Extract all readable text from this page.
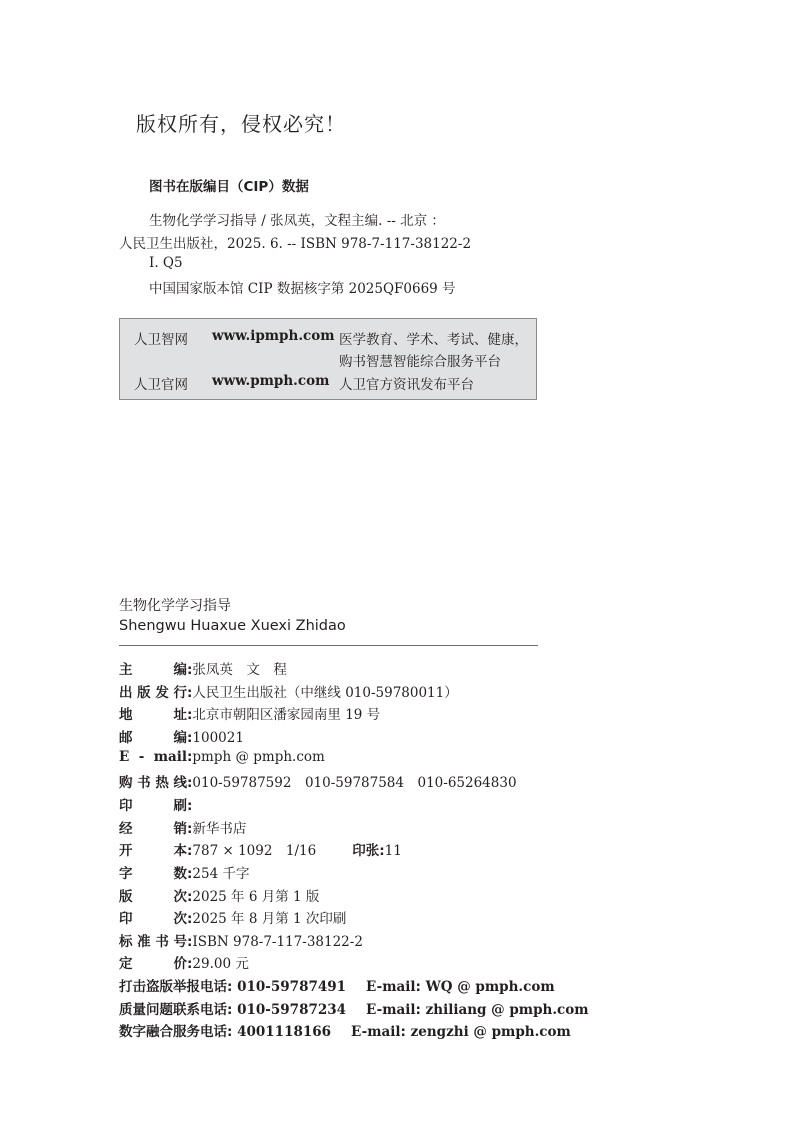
版权所有，侵权必究！
图书在版编目（CIP）数据
生物化学学习指导 / 张凤英，文程主编. -- 北京 ：
人民卫生出版社，2025. 6. -- ISBN 978-7-117-38122-2
Ⅰ. Q5
中国国家版本馆 CIP 数据核字第 2025QF0669 号
人卫智网 www.ipmph.com 医学教育、学术、考试、健康，
购书智慧智能综合服务平台
人卫官网 www.pmph.com 人卫官方资讯发布平台
生物化学学习指导
Shengwu Huaxue Xuexi Zhidao
主编:张凤英　文　程
出版发行:人民卫生出版社（中继线 010-59780011）
地址:北京市朝阳区潘家园南里 19 号
邮编:100021
E - mail:pmph @ pmph.com
购书热线:010-59787592　010-59787584　010-65264830
印刷:
经销:新华书店
开本:787 × 1092　1/16	印张:11
字数:254 千字
版次:2025 年 6 月第 1 版
印次:2025 年 8 月第 1 次印刷
标准书号:ISBN 978-7-117-38122-2
定价:29.00 元
打击盗版举报电话: 010-59787491 E-mail: WQ @ pmph.com
质量问题联系电话: 010-59787234 E-mail: zhiliang @ pmph.com
数字融合服务电话: 4001118166 E-mail: zengzhi @ pmph.com
